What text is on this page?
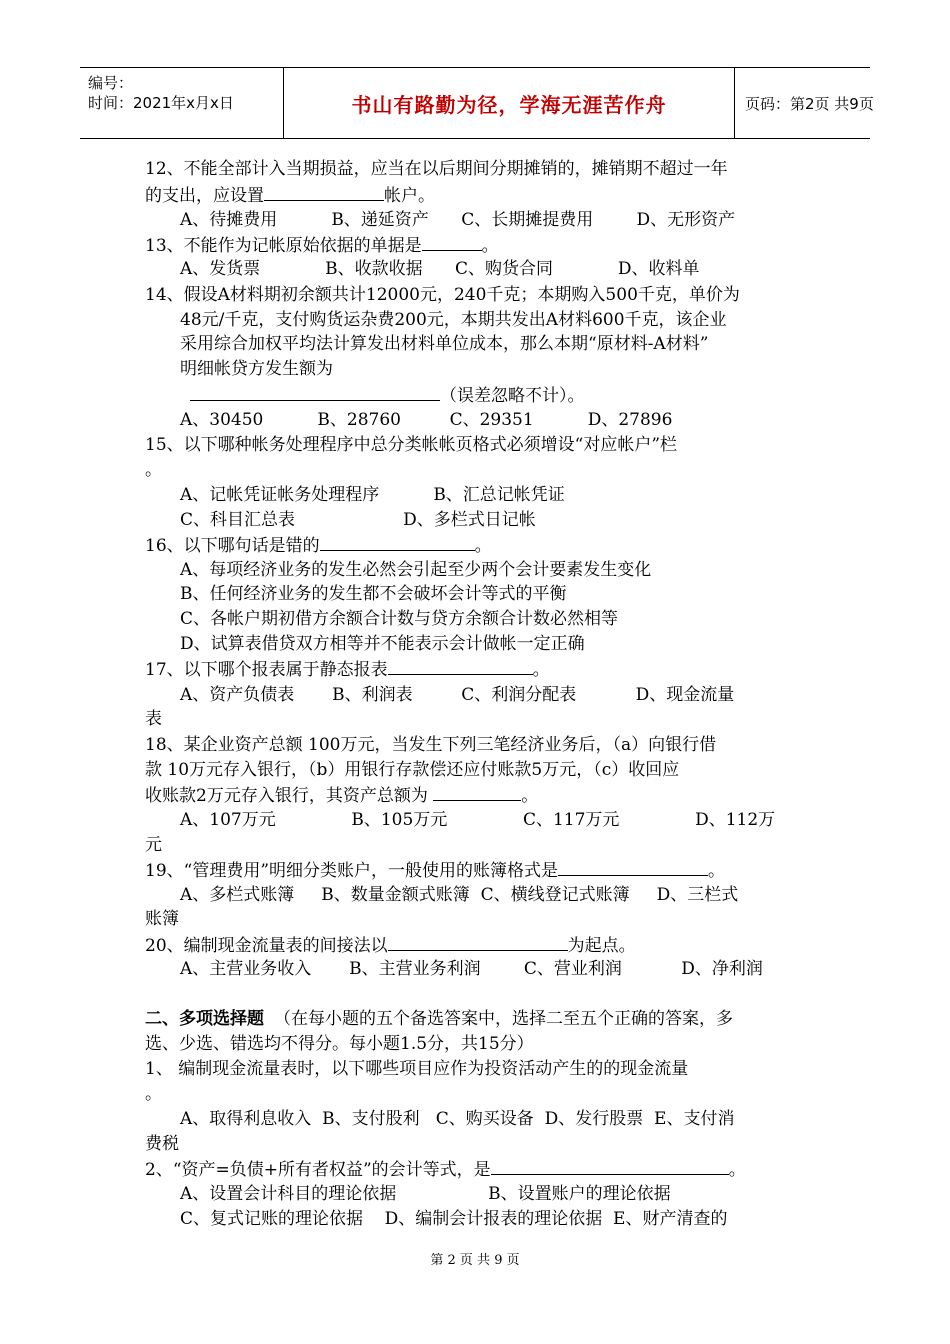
编号：
时间：2021年x月x日	书山有路勤为径，学海无涯苦作舟	页码：第2页 共9页
12、不能全部计入当期损益，应当在以后期间分期摊销的，摊销期不超过一年
的支出，应设置	帐户。
A、待摊费用          B、递延资产      C、长期摊提费用        D、无形资产
13、不能作为记帐原始依据的单据是	。
A、发货票            B、收款收据      C、购货合同            D、收料单
14、假设A材料期初余额共计12000元，240千克；本期购入500千克，单价为
48元/千克，支付购货运杂费200元，本期共发出A材料600千克，该企业
采用综合加权平均法计算发出材料单位成本，那么本期“原材料-A材料”
明细帐贷方发生额为
（误差忽略不计）。
A、30450          B、28760         C、29351          D、27896
15、以下哪种帐务处理程序中总分类帐帐页格式必须增设“对应帐户”栏
。
A、记帐凭证帐务处理程序          B、汇总记帐凭证
C、科目汇总表                    D、多栏式日记帐
16、以下哪句话是错的	。
A、每项经济业务的发生必然会引起至少两个会计要素发生变化
B、任何经济业务的发生都不会破坏会计等式的平衡
C、各帐户期初借方余额合计数与贷方余额合计数必然相等
D、试算表借贷双方相等并不能表示会计做帐一定正确
17、以下哪个报表属于静态报表	。
A、资产负债表       B、利润表         C、利润分配表           D、现金流量
表
18、某企业资产总额 100万元，当发生下列三笔经济业务后，（a）向银行借
款 10万元存入银行，（b）用银行存款偿还应付账款5万元，（c）收回应
收账款2万元存入银行，其资产总额为	。
A、107万元              B、105万元              C、117万元              D、112万
元
19、“管理费用”明细分类账户，一般使用的账簿格式是	。
A、多栏式账簿     B、数量金额式账簿  C、横线登记式账簿     D、三栏式
账簿
20、编制现金流量表的间接法以	为起点。
A、主营业务收入       B、主营业务利润        C、营业利润           D、净利润
二、多项选择题 （在每小题的五个备选答案中，选择二至五个正确的答案，多
选、少选、错选均不得分。每小题1.5分，共15分）
1、 编制现金流量表时，以下哪些项目应作为投资活动产生的的现金流量
。
A、取得利息收入  B、支付股利   C、购买设备  D、发行股票  E、支付消
费税
2、“资产=负债+所有者权益”的会计等式，是	。
A、设置会计科目的理论依据                 B、设置账户的理论依据
C、复式记账的理论依据    D、编制会计报表的理论依据  E、财产清查的
第 2 页 共 9 页
